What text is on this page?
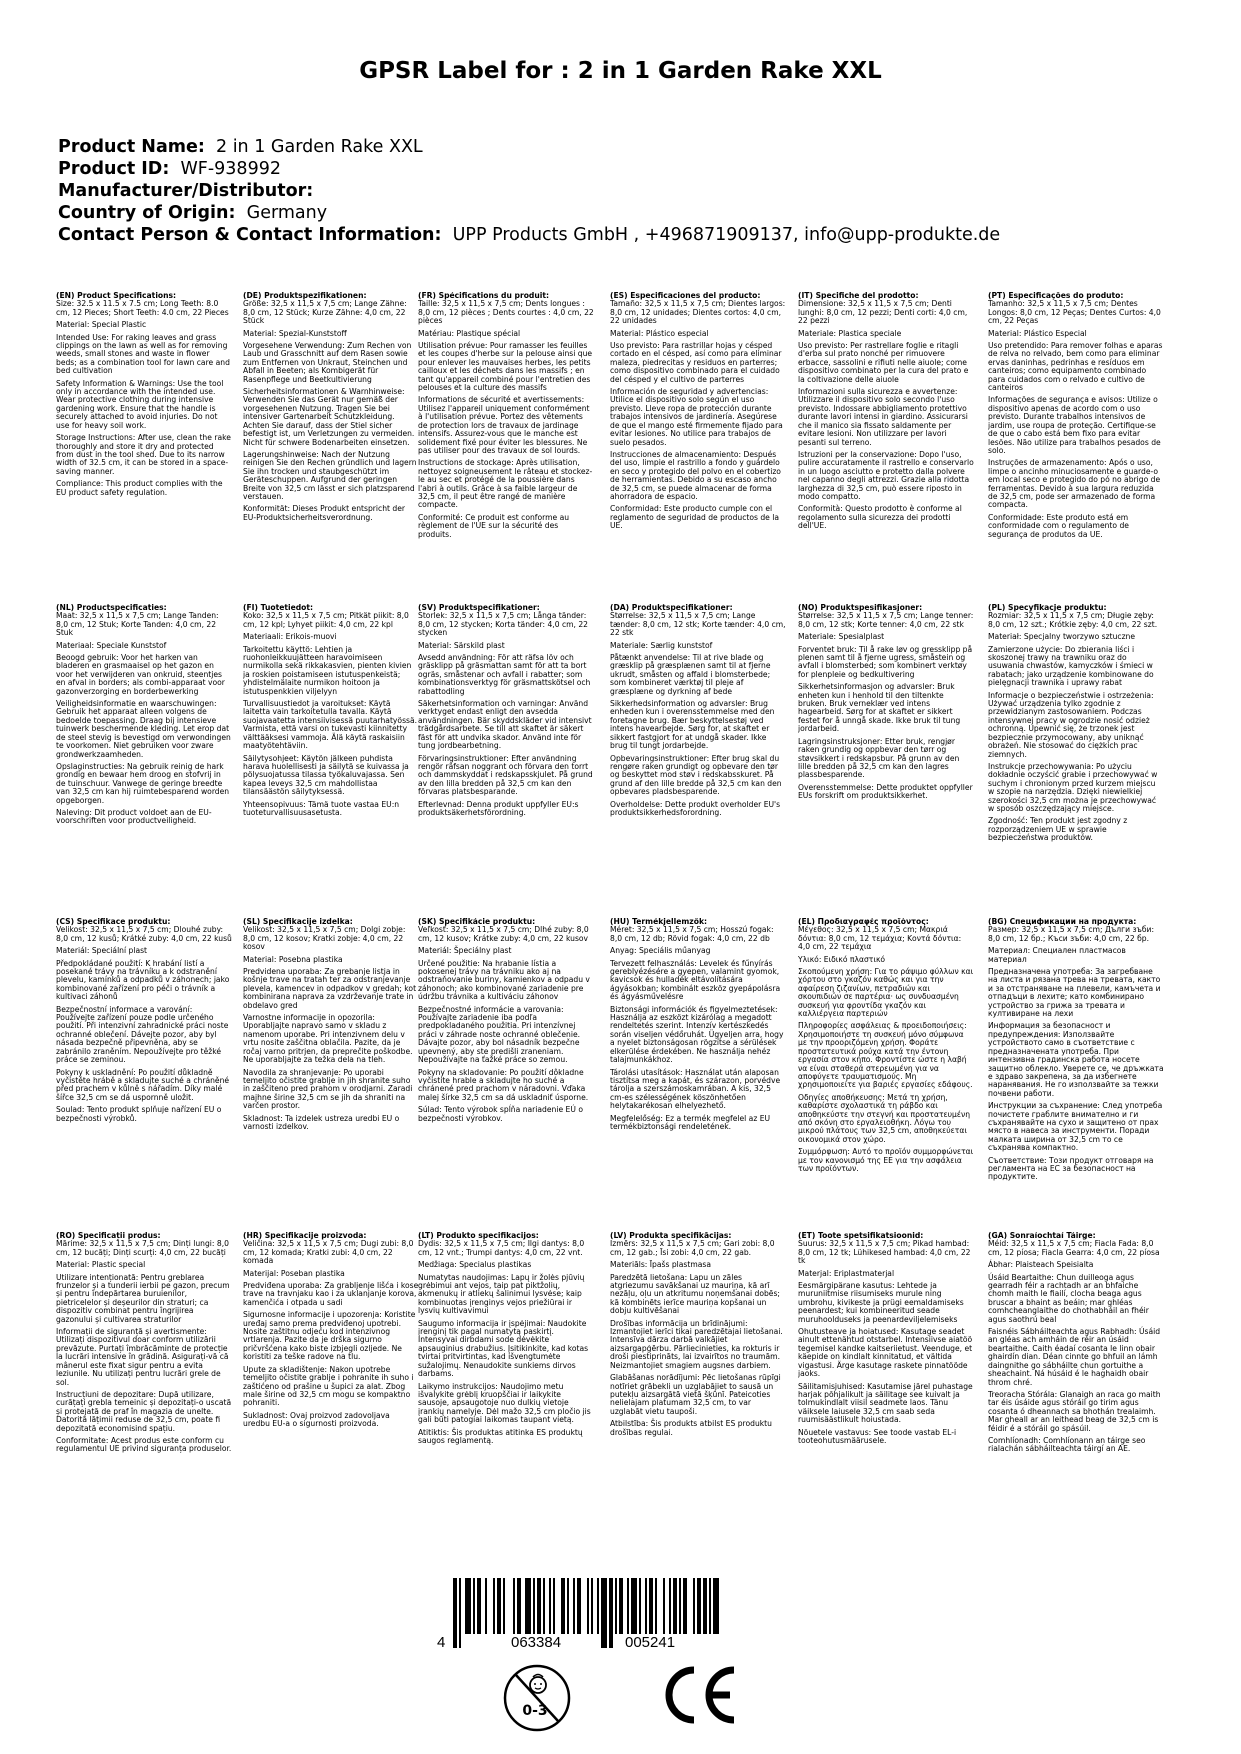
GPSR Label for : 2 in 1 Garden Rake XXL
Product Name: 2 in 1 Garden Rake XXL
Product ID: WF-938992
Manufacturer/Distributor:
Country of Origin: Germany
Contact Person & Contact Information: UPP Products GmbH , +496871909137, info@upp-produkte.de
(EN) Product Specifications:

Size: 32.5 x 11.5 x 7.5 cm; Long Teeth: 8.0 cm, 12 Pieces; Short Teeth: 4.0 cm, 22 Pieces

Material: Special Plastic

Intended Use: For raking leaves and grass clippings on the lawn as well as for removing weeds, small stones and waste in flower beds; as a combination tool for lawn care and bed cultivation

Safety Information & Warnings: Use the tool only in accordance with the intended use. Wear protective clothing during intensive gardening work. Ensure that the handle is securely attached to avoid injuries. Do not use for heavy soil work.

Storage Instructions: After use, clean the rake thoroughly and store it dry and protected from dust in the tool shed. Due to its narrow width of 32.5 cm, it can be stored in a space-saving manner.

Compliance: This product complies with the EU product safety regulation.

(DE) Produktspezifikationen:

Größe: 32,5 x 11,5 x 7,5 cm; Lange Zähne: 8,0 cm, 12 Stück; Kurze Zähne: 4,0 cm, 22 Stück

Material: Spezial-Kunststoff

Vorgesehene Verwendung: Zum Rechen von Laub und Grasschnitt auf dem Rasen sowie zum Entfernen von Unkraut, Steinchen und Abfall in Beeten; als Kombigerät für Rasenpflege und Beetkultivierung

Sicherheitsinformationen & Warnhinweise: Verwenden Sie das Gerät nur gemäß der vorgesehenen Nutzung. Tragen Sie bei intensiver Gartenarbeit Schutzkleidung. Achten Sie darauf, dass der Stiel sicher befestigt ist, um Verletzungen zu vermeiden. Nicht für schwere Bodenarbeiten einsetzen.

Lagerungshinweise: Nach der Nutzung reinigen Sie den Rechen gründlich und lagern Sie ihn trocken und staubgeschützt im Geräteschuppen. Aufgrund der geringen Breite von 32,5 cm lässt er sich platzsparend verstauen.

Konformität: Dieses Produkt entspricht der EU-Produktsicherheitsverordnung.

(FR) Spécifications du produit:

Taille: 32,5 x 11,5 x 7,5 cm; Dents longues : 8,0 cm, 12 pièces ; Dents courtes : 4,0 cm, 22 pièces

Matériau: Plastique spécial

Utilisation prévue: Pour ramasser les feuilles et les coupes d'herbe sur la pelouse ainsi que pour enlever les mauvaises herbes, les petits cailloux et les déchets dans les massifs ; en tant qu'appareil combiné pour l'entretien des pelouses et la culture des massifs

Informations de sécurité et avertissements: Utilisez l'appareil uniquement conformément à l'utilisation prévue. Portez des vêtements de protection lors de travaux de jardinage intensifs. Assurez-vous que le manche est solidement fixé pour éviter les blessures. Ne pas utiliser pour des travaux de sol lourds.

Instructions de stockage: Après utilisation, nettoyez soigneusement le râteau et stockez-le au sec et protégé de la poussière dans l'abri à outils. Grâce à sa faible largeur de 32,5 cm, il peut être rangé de manière compacte.

Conformité: Ce produit est conforme au règlement de l'UE sur la sécurité des produits.

(ES) Especificaciones del producto:

Tamaño: 32,5 x 11,5 x 7,5 cm; Dientes largos: 8,0 cm, 12 unidades; Dientes cortos: 4,0 cm, 22 unidades

Material: Plástico especial

Uso previsto: Para rastrillar hojas y césped cortado en el césped, así como para eliminar maleza, piedrecitas y residuos en parterres; como dispositivo combinado para el cuidado del césped y el cultivo de parterres

Información de seguridad y advertencias: Utilice el dispositivo solo según el uso previsto. Lleve ropa de protección durante trabajos intensivos de jardinería. Asegúrese de que el mango esté firmemente fijado para evitar lesiones. No utilice para trabajos de suelo pesados.

Instrucciones de almacenamiento: Después del uso, limpie el rastrillo a fondo y guárdelo en seco y protegido del polvo en el cobertizo de herramientas. Debido a su escaso ancho de 32,5 cm, se puede almacenar de forma ahorradora de espacio.

Conformidad: Este producto cumple con el reglamento de seguridad de productos de la UE.

(IT) Specifiche del prodotto:

Dimensione: 32,5 x 11,5 x 7,5 cm; Denti lunghi: 8,0 cm, 12 pezzi; Denti corti: 4,0 cm, 22 pezzi

Materiale: Plastica speciale

Uso previsto: Per rastrellare foglie e ritagli d'erba sul prato nonché per rimuovere erbacce, sassolini e rifiuti nelle aiuole; come dispositivo combinato per la cura del prato e la coltivazione delle aiuole

Informazioni sulla sicurezza e avvertenze: Utilizzare il dispositivo solo secondo l'uso previsto. Indossare abbigliamento protettivo durante lavori intensi in giardino. Assicurarsi che il manico sia fissato saldamente per evitare lesioni. Non utilizzare per lavori pesanti sul terreno.

Istruzioni per la conservazione: Dopo l'uso, pulire accuratamente il rastrello e conservarlo in un luogo asciutto e protetto dalla polvere nel capanno degli attrezzi. Grazie alla ridotta larghezza di 32,5 cm, può essere riposto in modo compatto.

Conformità: Questo prodotto è conforme al regolamento sulla sicurezza dei prodotti dell'UE.

(PT) Especificações do produto:

Tamanho: 32,5 x 11,5 x 7,5 cm; Dentes Longos: 8,0 cm, 12 Peças; Dentes Curtos: 4,0 cm, 22 Peças

Material: Plástico Especial

Uso pretendido: Para remover folhas e aparas de relva no relvado, bem como para eliminar ervas daninhas, pedrinhas e resíduos em canteiros; como equipamento combinado para cuidados com o relvado e cultivo de canteiros

Informações de segurança e avisos: Utilize o dispositivo apenas de acordo com o uso previsto. Durante trabalhos intensivos de jardim, use roupa de proteção. Certifique-se de que o cabo está bem fixo para evitar lesões. Não utilize para trabalhos pesados de solo.

Instruções de armazenamento: Após o uso, limpe o ancinho minuciosamente e guarde-o em local seco e protegido do pó no abrigo de ferramentas. Devido à sua largura reduzida de 32,5 cm, pode ser armazenado de forma compacta.

Conformidade: Este produto está em conformidade com o regulamento de segurança de produtos da UE.

(NL) Productspecificaties:

Maat: 32,5 x 11,5 x 7,5 cm; Lange Tanden: 8,0 cm, 12 Stuk; Korte Tanden: 4,0 cm, 22 Stuk

Materiaal: Speciale Kunststof

Beoogd gebruik: Voor het harken van bladeren en grasmaaisel op het gazon en voor het verwijderen van onkruid, steentjes en afval in borders; als combi-apparaat voor gazonverzorging en borderbewerking

Veiligheidsinformatie en waarschuwingen: Gebruik het apparaat alleen volgens de bedoelde toepassing. Draag bij intensieve tuinwerk beschermende kleding. Let erop dat de steel stevig is bevestigd om verwondingen te voorkomen. Niet gebruiken voor zware grondwerkzaamheden.

Opslaginstructies: Na gebruik reinig de hark grondig en bewaar hem droog en stofvrij in de tuinschuur. Vanwege de geringe breedte van 32,5 cm kan hij ruimtebesparend worden opgeborgen.

Naleving: Dit product voldoet aan de EU-voorschriften voor productveiligheid.

(FI) Tuotetiedot:

Koko: 32,5 x 11,5 x 7,5 cm; Pitkät piikit: 8,0 cm, 12 kpl; Lyhyet piikit: 4,0 cm, 22 kpl

Materiaali: Erikois-muovi

Tarkoitettu käyttö: Lehtien ja ruohonleikkuujätteen haravoimiseen nurmikolla sekä rikkakasvien, pienten kivien ja roskien poistamiseen istutuspenkeistä; yhdistelmälaite nurmikon hoitoon ja istutuspenkkien viljelyyn

Turvallisuustiedot ja varoitukset: Käytä laitetta vain tarkoitetulla tavalla. Käytä suojavaatetta intensiivisessä puutarhatyössä. Varmista, että varsi on tukevasti kiinnitetty välttääksesi vammoja. Älä käytä raskaisiin maatyötehtäviin.

Säilytysohjeet: Käytön jälkeen puhdista harava huolellisesti ja säilytä se kuivassa ja pölysuojatussa tilassa työkaluvajassa. Sen kapea leveys 32,5 cm mahdollistaa tilansäästön säilytyksessä.

Yhteensopivuus: Tämä tuote vastaa EU:n tuoteturvallisuusasetusta.

(SV) Produktspecifikationer:

Storlek: 32,5 x 11,5 x 7,5 cm; Långa tänder: 8,0 cm, 12 stycken; Korta tänder: 4,0 cm, 22 stycken

Material: Särskild plast

Avsedd användning: För att räfsa löv och gräsklipp på gräsmattan samt för att ta bort ogräs, småstenar och avfall i rabatter; som kombinationsverktyg för gräsmattskötsel och rabattodling

Säkerhetsinformation och varningar: Använd verktyget endast enligt den avsedda användningen. Bär skyddskläder vid intensivt trädgårdsarbete. Se till att skaftet är säkert fäst för att undvika skador. Använd inte för tung jordbearbetning.

Förvaringsinstruktioner: Efter användning rengör räfsan noggrant och förvara den torrt och dammskyddat i redskapsskjulet. På grund av den lilla bredden på 32,5 cm kan den förvaras platsbesparande.

Efterlevnad: Denna produkt uppfyller EU:s produktsäkerhetsförordning.

(DA) Produktspecifikationer:

Størrelse: 32,5 x 11,5 x 7,5 cm; Lange tænder: 8,0 cm, 12 stk; Korte tænder: 4,0 cm, 22 stk

Materiale: Særlig kunststof

Påtænkt anvendelse: Til at rive blade og græsklip på græsplænen samt til at fjerne ukrudt, småsten og affald i blomsterbede; som kombineret værktøj til pleje af græsplæne og dyrkning af bede

Sikkerhedsinformation og advarsler: Brug enheden kun i overensstemmelse med den foretagne brug. Bær beskyttelsestøj ved intens havearbejde. Sørg for, at skaftet er sikkert fastgjort for at undgå skader. Ikke brug til tungt jordarbejde.

Opbevaringsinstruktioner: Efter brug skal du rengøre raken grundigt og opbevare den tør og beskyttet mod støv i redskabsskuret. På grund af den lille bredde på 32,5 cm kan den opbevares pladsbesparende.

Overholdelse: Dette produkt overholder EU's produktsikkerhedsforordning.

(NO) Produktspesifikasjoner:

Størrelse: 32,5 x 11,5 x 7,5 cm; Lange tenner: 8,0 cm, 12 stk; Korte tenner: 4,0 cm, 22 stk

Materiale: Spesialplast

Forventet bruk: Til å rake løv og gressklipp på plenen samt til å fjerne ugress, småstein og avfall i blomsterbed; som kombinert verktøy for plenpleie og bedkultivering

Sikkerhetsinformasjon og advarsler: Bruk enheten kun i henhold til den tiltenkte bruken. Bruk verneklær ved intens hagearbeid. Sørg for at skaftet er sikkert festet for å unngå skade. Ikke bruk til tung jordarbeid.

Lagringsinstruksjoner: Etter bruk, rengjør raken grundig og oppbevar den tørr og støvsikkert i redskapsbur. På grunn av den lille bredden på 32,5 cm kan den lagres plassbesparende.

Overensstemmelse: Dette produktet oppfyller EUs forskrift om produktsikkerhet.

(PL) Specyfikacje produktu:

Rozmiar: 32,5 x 11,5 x 7,5 cm; Długie zęby: 8,0 cm, 12 szt.; Krótkie zęby: 4,0 cm, 22 szt.

Materiał: Specjalny tworzywo sztuczne

Zamierzone użycie: Do zbierania liści i skoszonej trawy na trawniku oraz do usuwania chwastów, kamyczków i śmieci w rabatach; jako urządzenie kombinowane do pielęgnacji trawnika i uprawy rabat

Informacje o bezpieczeństwie i ostrzeżenia: Używać urządzenia tylko zgodnie z przewidzianym zastosowaniem. Podczas intensywnej pracy w ogrodzie nosić odzież ochronną. Upewnić się, że trzonek jest bezpiecznie przymocowany, aby uniknąć obrażeń. Nie stosować do ciężkich prac ziemnych.

Instrukcje przechowywania: Po użyciu dokładnie oczyścić grabie i przechowywać w suchym i chronionym przed kurzem miejscu w szopie na narzędzia. Dzięki niewielkiej szerokości 32,5 cm można je przechowywać w sposób oszczędzający miejsce.

Zgodność: Ten produkt jest zgodny z rozporządzeniem UE w sprawie bezpieczeństwa produktów.

(CS) Specifikace produktu:

Velikost: 32,5 x 11,5 x 7,5 cm; Dlouhé zuby: 8,0 cm, 12 kusů; Krátké zuby: 4,0 cm, 22 kusů

Materiál: Speciální plast

Předpokládané použití: K hrabání listí a posekané trávy na trávníku a k odstranění plevelu, kamínků a odpadků v záhonech; jako kombinované zařízení pro péči o trávník a kultivaci záhonů

Bezpečnostní informace a varování: Používejte zařízení pouze podle určeného použití. Při intenzivní zahradnické práci noste ochranné oblečení. Dávejte pozor, aby byl násada bezpečně připevněna, aby se zabránilo zraněním. Nepoužívejte pro těžké práce se zeminou.

Pokyny k uskladnění: Po použití důkladně vyčistěte hrábě a skladujte suché a chráněné před prachem v kůlně s nářadím. Díky malé šířce 32,5 cm se dá uspornně uložit.

Soulad: Tento produkt splňuje nařízení EU o bezpečnosti výrobků.

(SL) Specifikacije izdelka:

Velikost: 32,5 x 11,5 x 7,5 cm; Dolgi zobje: 8,0 cm, 12 kosov; Kratki zobje: 4,0 cm, 22 kosov

Material: Posebna plastika

Predvidena uporaba: Za grebanje listja in košnje trave na tratah ter za odstranjevanje plevela, kamencev in odpadkov v gredah; kot kombinirana naprava za vzdrževanje trate in obdelavo gred

Varnostne informacije in opozorila: Uporabljajte napravo samo v skladu z namenom uporabe. Pri intenzivnem delu v vrtu nosite zaščitna oblačila. Pazite, da je ročaj varno pritrjen, da preprečite poškodbe. Ne uporabljajte za težka dela na tleh.

Navodila za shranjevanje: Po uporabi temeljito očistite grablje in jih shranite suho in zaščiteno pred prahom v orodjarni. Zaradi majhne širine 32,5 cm se jih da shraniti na varčen prostor.

Skladnost: Ta izdelek ustreza uredbi EU o varnosti izdelkov.

(SK) Špecifikácie produktu:

Veľkosť: 32,5 x 11,5 x 7,5 cm; Dlhé zuby: 8,0 cm, 12 kusov; Krátke zuby: 4,0 cm, 22 kusov

Materiál: Špeciálny plast

Určené použitie: Na hrabanie lístia a pokosenej trávy na trávniku ako aj na odstraňovanie buriny, kamienkov a odpadu v záhonoch; ako kombinované zariadenie pre údržbu trávnika a kultiváciu záhonov

Bezpečnostné informácie a varovania: Používajte zariadenie iba podľa predpokladaného použitia. Pri intenzívnej práci v záhrade noste ochranné oblečenie. Dávajte pozor, aby bol násadník bezpečne upevnený, aby ste predišli zraneniam. Nepoužívajte na ťažké práce so zemou.

Pokyny na skladovanie: Po použití dôkladne vyčistite hrable a skladujte ho suché a chránené pred prachom v náradovni. Vďaka malej šírke 32,5 cm sa dá uskladniť úsporne.

Súlad: Tento výrobok spĺňa nariadenie EÚ o bezpečnosti výrobkov.

(HU) Termékjellemzők:

Méret: 32,5 x 11,5 x 7,5 cm; Hosszú fogak: 8,0 cm, 12 db; Rövid fogak: 4,0 cm, 22 db

Anyag: Speciális műanyag

Tervezett felhasználás: Levelek és fűnyírás gereblyézésére a gyepen, valamint gyomok, kavicsok és hulladék eltávolítására ágyásokban; kombinált eszköz gyepápolásra és ágyásművelésre

Biztonsági információk és figyelmeztetések: Használja az eszközt kizárólag a megadott rendeltetés szerint. Intenzív kertészkedés során viseljen védőruhát. Ügyeljen arra, hogy a nyelet biztonságosan rögzítse a sérülések elkerülése érdekében. Ne használja nehéz talajmunkákhoz.

Tárolási utasítások: Használat után alaposan tisztítsa meg a kapát, és szárazon, porvédve tárolja a szerszámoskamrában. A kis, 32,5 cm-es szélességének köszönhetően helytakarékosan elhelyezhető.

Megfelelőség: Ez a termék megfelel az EU termékbiztonsági rendeletének.

(EL) Προδιαγραφές προϊόντος:

Μέγεθος: 32,5 x 11,5 x 7,5 cm; Μακριά δόντια: 8,0 cm, 12 τεμάχια; Κοντά δόντια: 4,0 cm, 22 τεμάχια

Υλικό: Ειδικό πλαστικό

Σκοπούμενη χρήση: Για το ράψιμο φύλλων και χόρτου στο γκαζόν καθώς και για την αφαίρεση ζιζανίων, πετραδιών και σκουπιδιών σε παρτέρια· ως συνδυασμένη συσκευή για φροντίδα γκαζόν και καλλιέργεια παρτεριών

Πληροφορίες ασφάλειας & προειδοποιήσεις: Χρησιμοποιήστε τη συσκευή μόνο σύμφωνα με την προοριζόμενη χρήση. Φοράτε προστατευτικά ρούχα κατά την έντονη εργασία στον κήπο. Φροντίστε ώστε η λαβή να είναι σταθερά στερεωμένη για να αποφύγετε τραυματισμούς. Μη χρησιμοποιείτε για βαριές εργασίες εδάφους.

Οδηγίες αποθήκευσης: Μετά τη χρήση, καθαρίστε σχολαστικά τη ράβδο και αποθηκεύστε την στεγνή και προστατευμένη από σκόνη στο εργαλειοθήκη. Λόγω του μικρού πλάτους των 32,5 cm, αποθηκεύεται οικονομικά στον χώρο.

Συμμόρφωση: Αυτό το προϊόν συμμορφώνεται με τον κανονισμό της ΕΕ για την ασφάλεια των προϊόντων.

(BG) Спецификации на продукта:

Размер: 32,5 x 11,5 x 7,5 cm; Дълги зъби: 8,0 cm, 12 бр.; Къси зъби: 4,0 cm, 22 бр.

Материал: Специален пластмасов материал

Предназначена употреба: За загребване на листа и рязана трева на тревата, както и за отстраняване на плевели, камъчета и отпадъци в лехите; като комбинирано устройство за грижа за тревата и култивиране на лехи

Информация за безопасност и предупреждения: Използвайте устройството само в съответствие с предназначената употреба. При интензивна градинска работа носете защитно облекло. Уверете се, че дръжката е здраво закрепена, за да избегнете наранявания. Не го използвайте за тежки почвени работи.

Инструкции за съхранение: След употреба почистете граблите внимателно и ги съхранявайте на сухо и защитено от прах място в навеса за инструменти. Поради малката ширина от 32,5 cm то се съхранява компактно.

Съответствие: Този продукт отговаря на регламента на ЕС за безопасност на продуктите.

(RO) Specificații produs:

Mărime: 32,5 x 11,5 x 7,5 cm; Dinți lungi: 8,0 cm, 12 bucăți; Dinți scurți: 4,0 cm, 22 bucăți

Material: Plastic special

Utilizare intenționată: Pentru greblarea frunzelor și a tunderii ierbii pe gazon, precum și pentru îndepărtarea buruienilor, pietricelelor și deșeurilor din straturi; ca dispozitiv combinat pentru îngrijirea gazonului și cultivarea straturilor

Informații de siguranță și avertismente: Utilizați dispozitivul doar conform utilizării prevăzute. Purtați îmbrăcăminte de protecție la lucrări intensive în grădină. Asigurați-vă că mânerul este fixat sigur pentru a evita leziunile. Nu utilizați pentru lucrări grele de sol.

Instrucțiuni de depozitare: După utilizare, curățați grebla temeinic și depozitați-o uscată și protejată de praf în magazia de unelte. Datorită lățimii reduse de 32,5 cm, poate fi depozitată economisind spațiu.

Conformitate: Acest produs este conform cu regulamentul UE privind siguranța produselor.

(HR) Specifikacije proizvoda:

Veličina: 32,5 x 11,5 x 7,5 cm; Dugi zubi: 8,0 cm, 12 komada; Kratki zubi: 4,0 cm, 22 komada

Materijal: Poseban plastika

Predviđena uporaba: Za grabljenje lišća i kose trave na travnjaku kao i za uklanjanje korova, kamenčića i otpada u sadi

Sigurnosne informacije i upozorenja: Koristite uređaj samo prema predviđenoj upotrebi. Nosite zaštitnu odjeću kod intenzivnog vrtlarenja. Pazite da je drška sigurno pričvršćena kako biste izbjegli ozljede. Ne koristiti za teške radove na tlu.

Upute za skladištenje: Nakon upotrebe temeljito očistite grablje i pohranite ih suho i zaštićeno od prašine u šupici za alat. Zbog male širine od 32,5 cm mogu se kompaktno pohraniti.

Sukladnost: Ovaj proizvod zadovoljava uredbu EU-a o sigurnosti proizvoda.

(LT) Produkto specifikacijos:

Dydis: 32,5 x 11,5 x 7,5 cm; Ilgi dantys: 8,0 cm, 12 vnt.; Trumpi dantys: 4,0 cm, 22 vnt.

Medžiaga: Specialus plastikas

Numatytas naudojimas: Lapų ir žolės pjūvių grėbimui ant vejos, taip pat piktžolių, akmenukų ir atliekų šalinimui lysvėse; kaip kombinuotas įrenginys vejos priežiūrai ir lysvių kultivavimui

Saugumo informacija ir įspėjimai: Naudokite įrenginį tik pagal numatytą paskirtį. Intensyvai dirbdami sode dėvėkite apsauginius drabužius. Įsitikinkite, kad kotas tvirtai pritvirtintas, kad išvengtumėte sužalojimų. Nenaudokite sunkiems dirvos darbams.

Laikymo instrukcijos: Naudojimo metu išvalykite grėblį kruopščiai ir laikykite sausoje, apsaugotoje nuo dulkių vietoje įrankių namelyje. Dėl mažo 32,5 cm pločio jis gali būti patogiai laikomas taupant vietą.

Atitiktis: Šis produktas atitinka ES produktų saugos reglamentą.

(LV) Produkta specifikācijas:

Izmērs: 32,5 x 11,5 x 7,5 cm; Gari zobi: 8,0 cm, 12 gab.; Īsi zobi: 4,0 cm, 22 gab.

Materiāls: Īpašs plastmasa

Paredzētā lietošana: Lapu un zāles atgriezumu savākšanai uz mauriņa, kā arī nezāļu, oļu un atkritumu noņemšanai dobēs; kā kombinēts ierīce mauriņa kopšanai un dobju kultivēšanai

Drošības informācija un brīdinājumi: Izmantojiet ierīci tikai paredzētajai lietošanai. Intensīva dārza darbā valkājiet aizsargapģērbu. Pārliecinieties, ka rokturis ir droši piestiprināts, lai izvairītos no traumām. Neizmantojiet smagiem augsnes darbiem.

Glabāšanas norādījumi: Pēc lietošanas rūpīgi notīriet grābekli un uzglabājiet to sausā un putekļu aizsargātā vietā šķūnī. Pateicoties nelielajam platumam 32,5 cm, to var uzglabāt vietu taupoši.

Atbilstība: Šis produkts atbilst ES produktu drošības regulai.

(ET) Toote spetsifikatsioonid:

Suurus: 32,5 x 11,5 x 7,5 cm; Pikad hambad: 8,0 cm, 12 tk; Lühikesed hambad: 4,0 cm, 22 tk

Materjal: Eriplastmaterjal

Eesmärgipärane kasutus: Lehtede ja muruniitmise riisumiseks murule ning umbrohu, kivikeste ja prügi eemaldamiseks peenardest; kui kombineeritud seade muruhoolduseks ja peenardeviljelemiseks

Ohutusteave ja hoiatused: Kasutage seadet ainult ettenähtud otstarbel. Intensiivse aiatöö tegemisel kandke kaitseriietust. Veenduge, et käepide on kindlalt kinnitatud, et vältida vigastusi. Ärge kasutage raskete pinnatööde jaoks.

Säilitamisjuhised: Kasutamise järel puhastage harjak põhjalikult ja säilitage see kuivalt ja tolmukindlalt viisil seadmete laos. Tänu väiksele laiusele 32,5 cm saab seda ruumisäästlikult hoiustada.

Nõuetele vastavus: See toode vastab EL-i tooteohutusmäärusele.

(GA) Sonraíochtaí Táirge:

Méid: 32,5 x 11,5 x 7,5 cm; Fiacla Fada: 8,0 cm, 12 píosa; Fiacla Gearra: 4,0 cm, 22 píosa

Ábhar: Plaisteach Speisialta

Úsáid Beartaithe: Chun duilleoga agus gearradh féir a rachtadh ar an bhfaiche chomh maith le fiailí, clocha beaga agus bruscar a bhaint as beáin; mar ghléas comhcheanglaithe do chothabháil an fhéir agus saothrú beal

Faisnéis Sábháilteachta agus Rabhadh: Úsáid an gléas ach amháin de réir an úsáid beartaithe. Caith éadaí cosanta le linn obair ghairdín dian. Déan cinnte go bhfuil an lámh daingnithe go sábháilte chun gortuithe a sheachaint. Ná húsáid é le haghaidh obair throm chré.

Treoracha Stórála: Glanaigh an raca go maith tar éis úsáide agus stóráil go tirim agus cosanta ó dheannach sa bhothán trealaimh. Mar gheall ar an leithead beag de 32,5 cm is féidir é a stóráil go spásúil.

Comhlíonadh: Comhlíonann an táirge seo rialachán sábháilteachta táirgí an AE.

4	063384	005241
0-3
